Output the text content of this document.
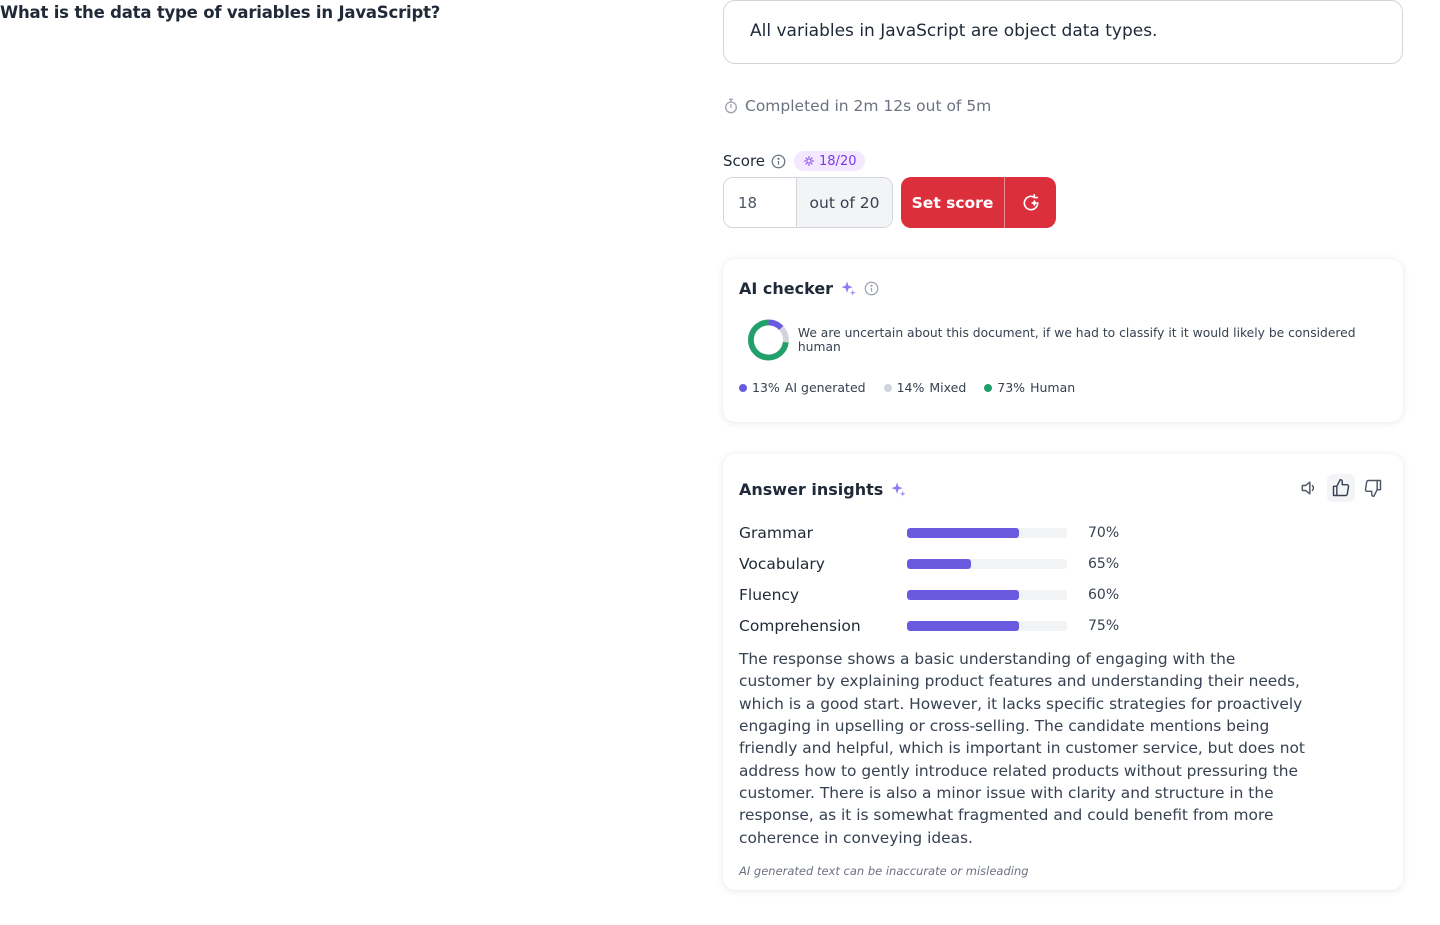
What is the data type of variables in JavaScript?
All variables in JavaScript are object data types.
Completed in 2m 12s out of 5m
Score	18/20
18
out of 20	Set score
AI checker
We are uncertain about this document, if we had to classify it it would likely be considered human
13% AI generated 14% Mixed 73% Human
Answer insights
Grammar	70%
Vocabulary	65%
Fluency	60%
Comprehension	75%

The response shows a basic understanding of engaging with the customer by explaining product features and understanding their needs, which is a good start. However, it lacks specific strategies for proactively engaging in upselling or cross-selling. The candidate mentions being friendly and helpful, which is important in customer service, but does not address how to gently introduce related products without pressuring the customer. There is also a minor issue with clarity and structure in the response, as it is somewhat fragmented and could benefit from more coherence in conveying ideas.

AI generated text can be inaccurate or misleading
